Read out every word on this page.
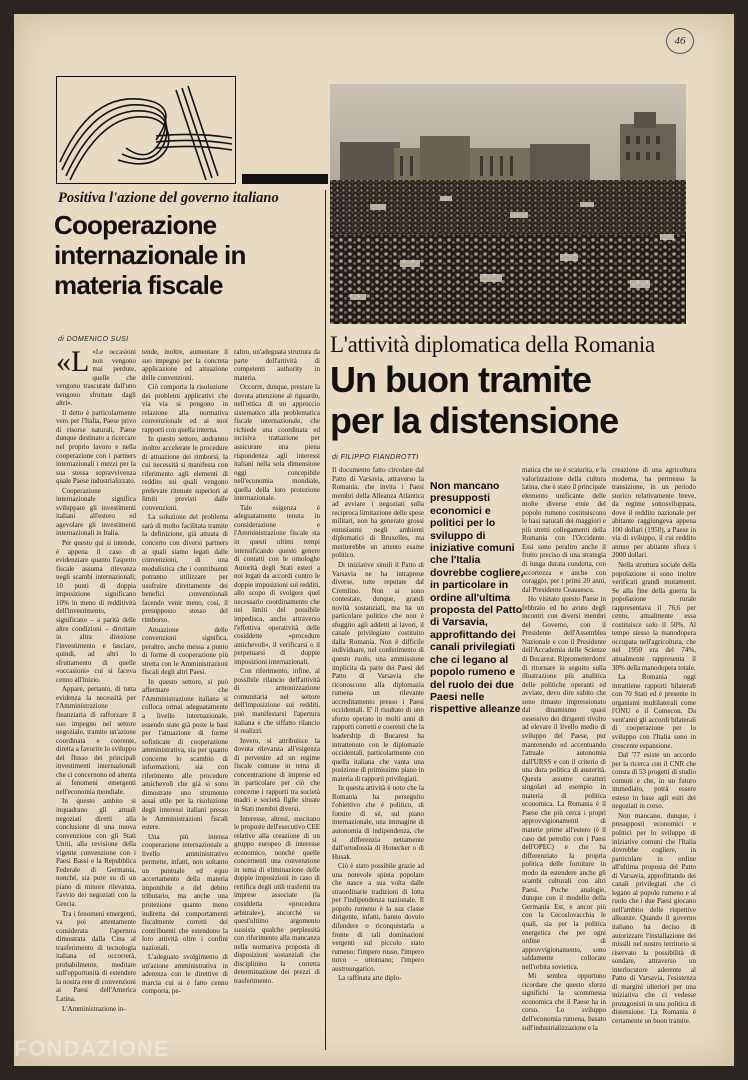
46
Positiva l'azione del governo italiano
Cooperazione
internazionale in
materia fiscale
di DOMENICO SUSI

«L «Le occasioni non vengono mai perdute, quelle che vengono trascurate dall'uno vengono sfruttate dagli altri».

Il detto è particolarmente vero per l'Italia, Paese privo di risorse naturali, Paese dunque destinato a ricercare nel proprio lavoro e nella cooperazione con i partners internazionali i mezzi per la sua stessa sopravvivenza quale Paese industrializzato.

Cooperazione internazionale significa sviluppare gli investimenti italiani all'estero ed agevolare gli investimenti internazionali in Italia.

Per questo qui si intende, è appena il caso di evidenziare quanto l'aspetto fiscale assuma rilevanza negli scambi internazionali; 10 punti di doppia imposizione significano 10% in meno di redditività dell'investimento, significano – a parità delle altre condizioni – dirottare in altra direzione l'investimento e lasciare, quindi, ad altri lo sfruttamento di quelle «occasioni» cui si faceva cenno all'inizio.

Appare, pertanto, di tutta evidenza la necessità per l'Amministrazione finanziaria di rafforzare il suo impegno nel settore negoziale, tramite un'azione coordinata e coerente, diretta a favorire lo sviluppo del flusso dei principali investimenti internazionali che ci concernono ed attenta ai fenomeni emergenti nell'economia mondiale.

In questo ambito si inquadrano gli attuali negoziati diretti alla conclusione di una nuova convenzione con gli Stati Uniti, alla revisione della vigente convenzione con i Paesi Bassi e la Repubblica Federale di Germania, nonché, sia pure su di un piano di minore rilevanza, l'avvio dei negoziati con la Grecia.

Tra i fenomeni emergenti, va poi attentamente considerata l'apertura dimostrata dalla Cina al trasferimento di tecnologia italiana ed occorrerà, probabilmente, meditare sull'opportunità di estendere la nostra rete di convenzioni ai Paesi dell'America Latina.

L'Amministrazione in-

tende, inoltre, aumentare il suo impegno per la concreta applicazione ed attuazione delle convenzioni.

Ciò comporta la risoluzione dei problemi applicativi che via via si pongono in relazione alla normativa convenzionale ed ai suoi rapporti con quella interna.

In questo settore, andranno inoltre accelerate le procedure di attuazione dei rimborsi, la cui necessità si manifesta con riferimento agli elementi di reddito sui quali vengono prelevate ritenute superiori ai limiti previsti dalle convenzioni.

La soluzione del problema sarà di molto facilitata tramite la definizione, già attuata di concerto con diversi partners ai quali siamo legati dalle convenzioni, di una modulistica che i contribuenti potranno utilizzare per usufruire direttamente dei benefici convenzionali facendo venir meno, così, il presupposto stesso del rimborso.

Attuazione delle convenzioni significa, peraltro, anche messa a punto di forme di cooperazione più stretta con le Amministrazioni fiscali degli altri Paesi.

In questo settore, si può affermare che l'Amministrazione italiana si colloca ormai adeguatamente a livello internazionale, essendo state già poste le basi per l'attuazione di forme sofisticate di cooperazione amministrativa, sia per quanto concerne lo scambio di informazioni, sia con riferimento alle procedure amichevoli che già si sono dimostrate uno strumento assai utile per la risoluzione degli interessi italiani presso le Amministrazioni fiscali estere.

Una più intensa cooperazione internazionale a livello amministrativo permette, infatti, non soltanto un puntuale ed equo accertamento della materia imponibile e del debito tributario, ma anche una protezione quanto meno indiretta dei comportamenti fiscalmente corretti dei contribuenti che estendono la loro attività oltre i confini nazionali.

L'adeguato svolgimento di un'azione amministrativa in aderenza con le direttive di marcia cui si è fatto cenno comporta, pe-

raltro, un'adeguata struttura da parte dell'attività di competenti authority in materia.

Occorre, dunque, prestare la dovuta attenzione al riguardo, nell'ottica di un approccio sistematico alla problematica fiscale internazionale, che richiede una coordinata ed incisiva trattazione per assicurare una piena rispondenza agli interessi italiani nella sola dimensione oggi concepibile nell'economia mondiale, quella della loro protezione internazionale.

Tale esigenza è adeguatamente tenuta in considerazione e l'Amministrazione fiscale sta in questi ultimi tempi intensificando questo genere di contatti con le omologhe Autorità degli Stati esteri a noi legati da accordi contro le doppie imposizioni sui redditi, allo scopo di svolgere quel necessario coordinamento che nei limiti del possibile impedisca, anche attraverso l'effettiva operatività delle cosiddette «procedure amichevoli», il verificarsi o il perpetuarsi di doppie imposizioni internazionali.

Con riferimento, infine, al possibile rilancio dell'attività di armonizzazione comunitaria nel settore dell'imposizione sui redditi, può manifestarsi l'apertura italiana e che siffatto rilancio si realizzi.

Invero, si attribuisce la dovuta rilevanza all'esigenza di pervenire ad un regime fiscale comune in tema di concentrazione di imprese ed in particolare per ciò che concerne i rapporti tra società madri e società figlie situate in Stati membri diversi.

Interesse, altresì, suscitano le proposte dell'esecutivo CEE relative alla creazione di un gruppo europeo di interesse economico, nonché quelle concernenti una convenzione in tema di eliminazione delle doppie imposizioni in caso di rettifica degli utili trasferiti tra imprese associate (la cosiddetta «procedura arbitrale»), ancorché su quest'ultimo argomento sussista qualche perplessità con riferimento alla mancanza nella normativa proposta di disposizioni sostanziali che disciplinino la corretta determinazione dei prezzi di trasferimento.

L'attività diplomatica della Romania
Un buon tramite
per la distensione
di FILIPPO FIANDROTTI

Il documento fatto circolare dal Patto di Varsavia, attraverso la Romania, che invita i Paesi membri della Alleanza Atlantica ad avviare i negoziati sulla reciproca limitazione delle spese militari, non ha generato grossi entusiasmi negli ambienti diplomatici di Bruxelles, ma meriterebbe un attento esame politico.

Di iniziative simili il Patto di Varsavia ne ha intraprese diverse, tutte reputate dal Cremlino. Non si sono contestate, dunque, grandi novità sostanziali, ma ha un particolare politico che non è sfuggito agli addetti ai lavori, il canale privilegiato costituito dalla Romania. Non è difficile individuare, nel conferimento di questo ruolo, una ammissione implicita da parte dei Paesi del Patto di Varsavia che riconoscono alla diplomazia rumena un rilevante accreditamento presso i Paesi occidentali. E' il risultato di uno sforzo operato in molti anni di rapporti corretti e coerenti che la leadership di Bucarest ha intrattenuto con le diplomazie occidentali, particolarmente con quella italiana che vanta una posizione di primissimo piano in materia di rapporti privilegiati.

In questa attività è noto che la Romania ha perseguito l'obiettivo che è politico, di fornire di sé, sul piano internazionale, una immagine di autonomia di indipendenza, che si differenzia nettamente dall'ortodossia di Honecker o di Husak.

Ciò è stato possibile grazie ad una notevole spinta popolare che nasce a sua volta dalle straordinarie tradizioni di lotta per l'indipendenza nazionale. Il popolo rumeno è la sua classe dirigente, infatti, hanno dovuto difendere o riconquistarla a fronte di tali dominazioni vergenti sul piccolo stato rumeno: l'impero russo, l'impero turco – ottomano; l'impero austroungarico.

La raffinata arte diplo-

Non mancano presupposti economici e politici per lo sviluppo di iniziative comuni che l'Italia dovrebbe cogliere, in particolare in ordine all'ultima proposta del Patto di Varsavia, approfittando dei canali privilegiati che ci legano al popolo rumeno e del ruolo dei due Paesi nelle rispettive alleanze

matica che ne è scaturita, e la valorizzazione della cultura latina, che è stato il principale elemento unificante delle molte diverse etnie del popolo rumeno costituiscono le basi naturali dei maggiori e più stretti collegamenti della Romania con l'Occidente. Essi sono peraltro anche il frutto preciso di una strategia di lunga durata condotta, con accortezza e anche con coraggio, per i primi 20 anni, dal Presidente Ceausescu.

Ho visitato questo Paese in febbraio ed ho avuto degli incontri con diversi membri del Governo, con il Presidente dell'Assemblea Nazionale e con il Presidente dell'Accademia delle Scienze di Bucarest. Riprometterdomi di ritornare in seguito sulla illustrazione più analitica delle politiche operanti ed avviate, devo dire subito che sono rimasto impressionato dal dinamismo quasi ossessivo dei dirigenti rivolto ad elevare il livello medio di sviluppo del Paese, pur mantenendo ed accentuando l'attuale autonomia dall'URSS e con il criterio di una dura politica di austerità. Questa assume caratteri singolari ad esempio in materia di politica economica. La Romania è il Paese che più cerca i propri approvvigionamenti di materie prime all'estero (è il caso del petrolio con i Paesi dell'OPEC) e che ha differenziato la propria politica delle forniture in modo da estendere anche gli scambi culturali con altri Paesi. Poche analogie, dunque con il modello della Germania Est, e ancor più con la Cecoslovacchia le quali, sia per la politica energetica che per ogni ordine di approvvigionamento, sono saldamente collocate nell'orbita sovietica.

Mi sembra opportuno ricordare che questo sforzo significhi la scommessa economica che il Paese ha in corso. Lo sviluppo dell'economia rumena, basato sull'industrializzazione e la

creazione di una agricoltura moderna, ha permesso la transizione, in un periodo storico relativamente breve, da regime sottosviluppata, dove il reddito nazionale per abitante raggiungeva appena 100 dollari (1950), a Paese in via di sviluppo, il cui reddito annuo per abitante sfiora i 2000 dollari.

Nella struttura sociale della popolazione si sono inoltre verificati grandi mutamenti. Se alla fine della guerra la popolazione rurale rappresentava il 76,6 per cento, attualmente essa costituisce solo il 50%. Al tempo stesso la manodopera occupata nell'agricoltura, che nel 1950 era del 74%, attualmente rappresenta il 30% della manodopera totale.

La Romania oggi intrattiene rapporti bilaterali con 70 Stati ed è presente in organismi multilaterali come l'ONU e il Comecon. Da vent'anni gli accordi bilaterali di cooperazione per lo sviluppo con l'Italia sono in crescente espansione.

Dal '77 esiste un accordo per la ricerca con il CNR che consta di 53 progetti di studio comuni e che, in un futuro immediato, potrà essere esteso in base agli esiti dei negoziati in corso.

Non mancano, dunque, i presupposti economici e politici per lo sviluppo di iniziative comuni che l'Italia dovrebbe cogliere, in particolare in ordine all'ultima proposta del Patto di Varsavia, approfittando dei canali privilegiati che ci legano al popolo rumeno e al ruolo che i due Paesi giocano nell'ambito delle rispettive alleanze. Quando il governo italiano ha deciso di autorizzare l'installazione dei missili nel nostro territorio si riservato la possibilità di sondare, attraverso un interlocutore aderente al Patto di Varsavia, l'esistenza di margini ulteriori per una iniziativa che ci vedesse protagonisti in una politica di distensione. La Romania è certamente un buon tramite.

FONDAZIONE
